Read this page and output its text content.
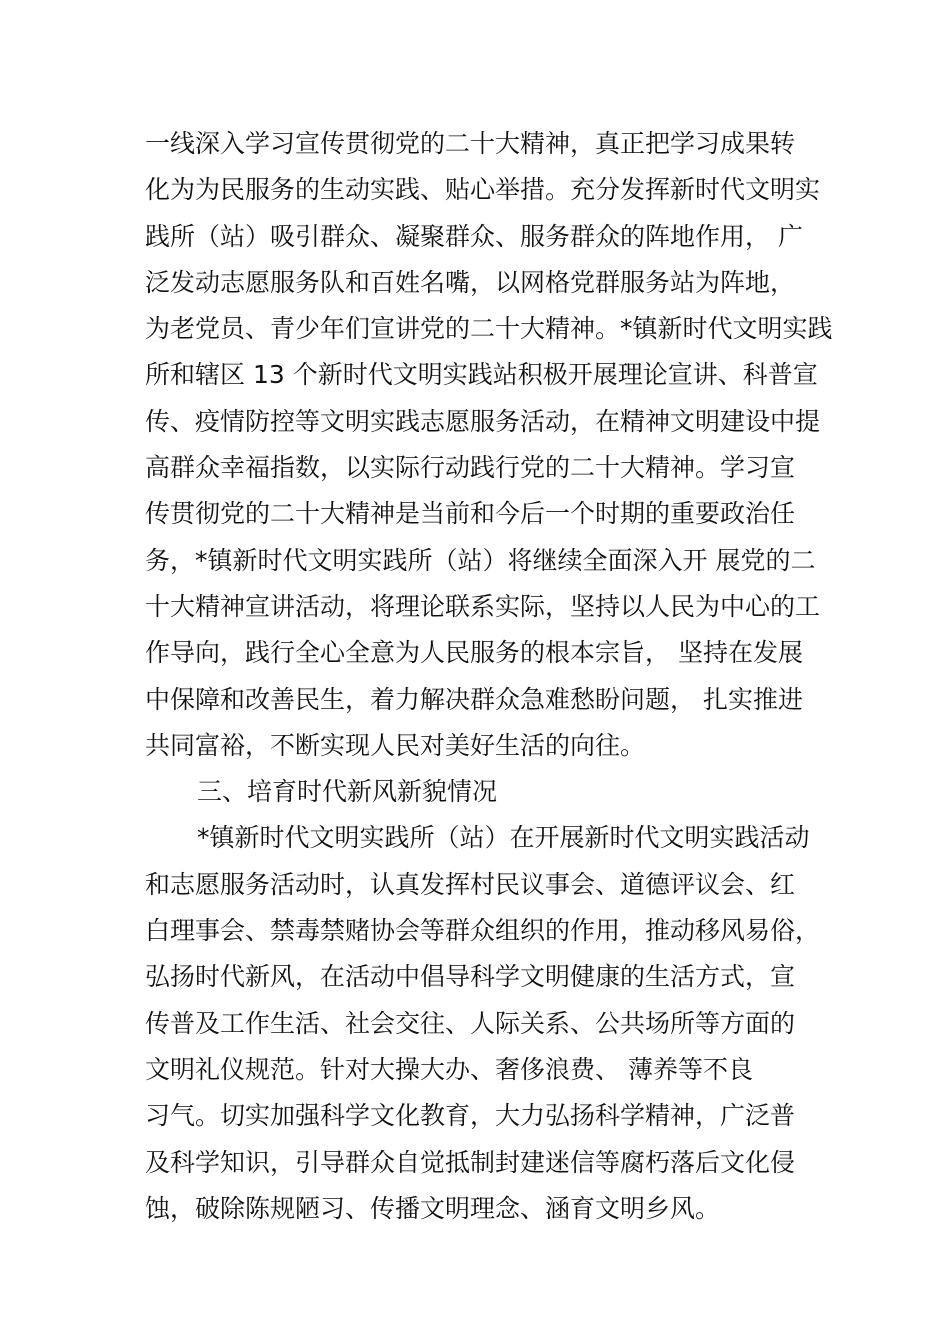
一线深入学习宣传贯彻党的二十大精神，真正把学习成果转
化为为民服务的生动实践、贴心举措。充分发挥新时代文明实
践所（站）吸引群众、凝聚群众、服务群众的阵地作用， 广
泛发动志愿服务队和百姓名嘴，以网格党群服务站为阵地，
为老党员、青少年们宣讲党的二十大精神。*镇新时代文明实践
所和辖区 13 个新时代文明实践站积极开展理论宣讲、科普宣
传、疫情防控等文明实践志愿服务活动，在精神文明建设中提
高群众幸福指数，以实际行动践行党的二十大精神。学习宣
传贯彻党的二十大精神是当前和今后一个时期的重要政治任
务，*镇新时代文明实践所（站）将继续全面深入开 展党的二
十大精神宣讲活动，将理论联系实际，坚持以人民为中心的工
作导向，践行全心全意为人民服务的根本宗旨， 坚持在发展
中保障和改善民生，着力解决群众急难愁盼问题， 扎实推进
共同富裕，不断实现人民对美好生活的向往。
三、培育时代新风新貌情况
*镇新时代文明实践所（站）在开展新时代文明实践活动
和志愿服务活动时，认真发挥村民议事会、道德评议会、红
白理事会、禁毒禁赌协会等群众组织的作用，推动移风易俗，
弘扬时代新风，在活动中倡导科学文明健康的生活方式，宣
传普及工作生活、社会交往、人际关系、公共场所等方面的
文明礼仪规范。针对大操大办、奢侈浪费、 薄养等不良
习气。切实加强科学文化教育，大力弘扬科学精神，广泛普
及科学知识，引导群众自觉抵制封建迷信等腐朽落后文化侵
蚀，破除陈规陋习、传播文明理念、涵育文明乡风。
